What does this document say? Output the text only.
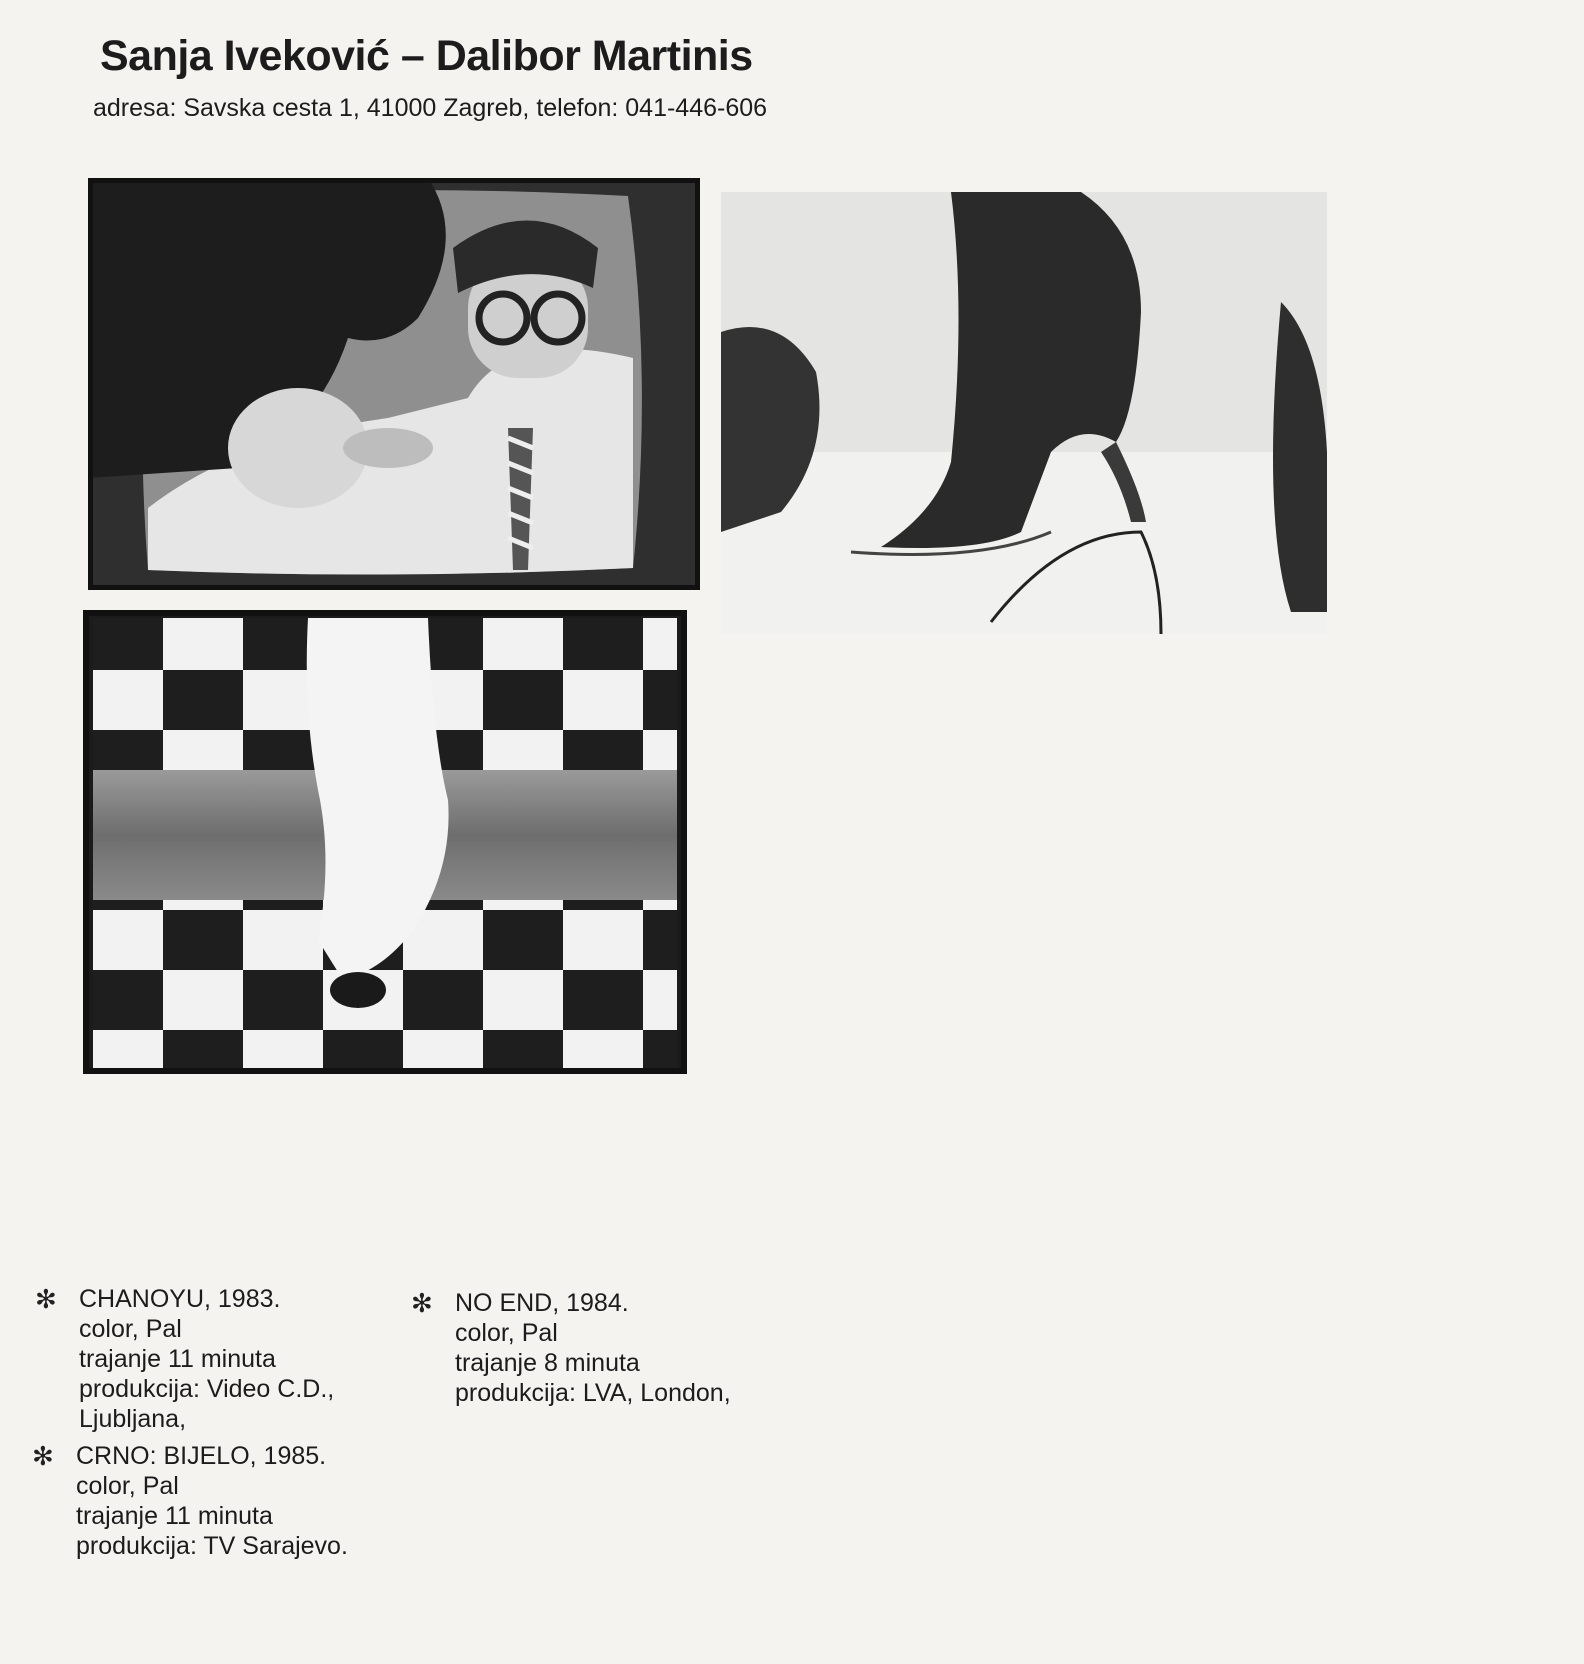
Sanja Iveković – Dalibor Martinis
adresa: Savska cesta 1, 41000 Zagreb, telefon: 041-446-606
✻ CHANOYU, 1983.
color, Pal
trajanje 11 minuta
produkcija: Video C.D.,
Ljubljana,
✻ NO END, 1984.
color, Pal
trajanje 8 minuta
produkcija: LVA, London,
✻ CRNO: BIJELO, 1985.
color, Pal
trajanje 11 minuta
produkcija: TV Sarajevo.
